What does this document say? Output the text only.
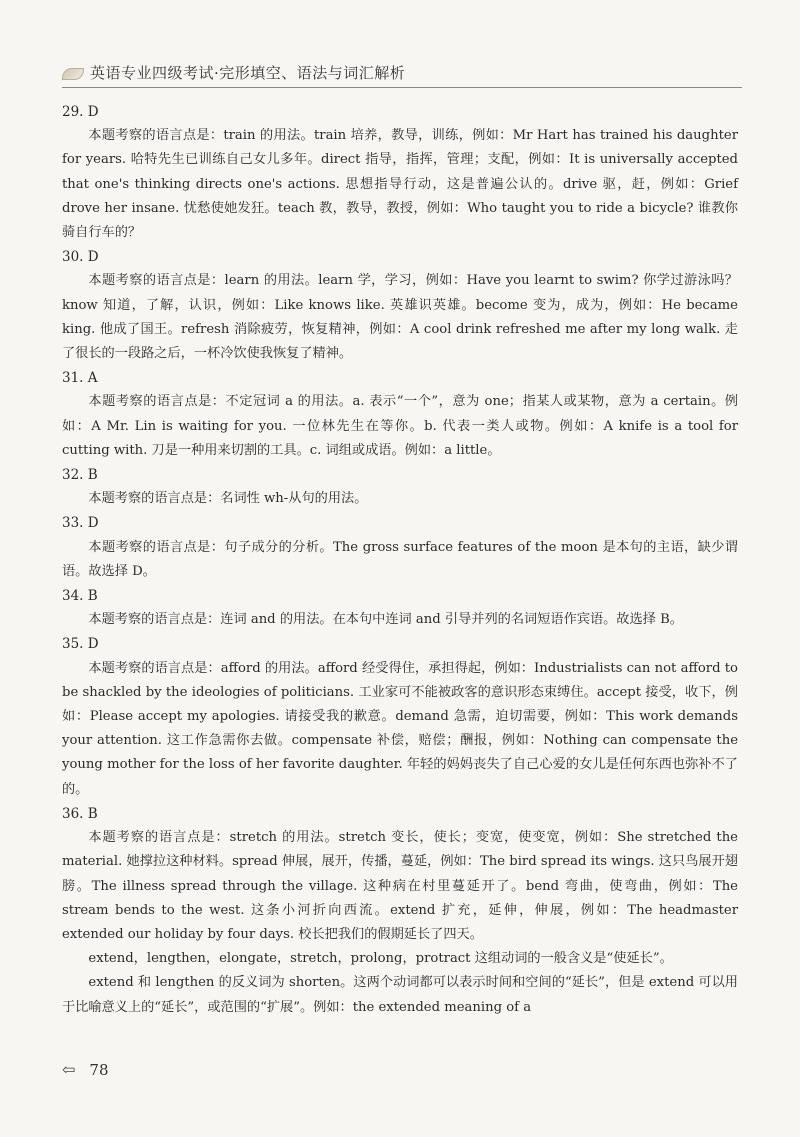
英语专业四级考试·完形填空、语法与词汇解析

29. D

本题考察的语言点是：train 的用法。train 培养，教导，训练，例如：Mr Hart has trained his daughter for years. 哈特先生已训练自己女儿多年。direct 指导，指挥，管理；支配，例如：It is universally accepted that one's thinking directs one's actions. 思想指导行动，这是普遍公认的。drive 驱，赶，例如：Grief drove her insane. 忧愁使她发狂。teach 教，教导，教授，例如：Who taught you to ride a bicycle? 谁教你骑自行车的？

30. D

本题考察的语言点是：learn 的用法。learn 学，学习，例如：Have you learnt to swim? 你学过游泳吗？know 知道，了解，认识，例如：Like knows like. 英雄识英雄。become 变为，成为，例如：He became king. 他成了国王。refresh 消除疲劳，恢复精神，例如：A cool drink refreshed me after my long walk. 走了很长的一段路之后，一杯冷饮使我恢复了精神。

31. A

本题考察的语言点是：不定冠词 a 的用法。a. 表示“一个”，意为 one；指某人或某物，意为 a certain。例如：A Mr. Lin is waiting for you. 一位林先生在等你。b. 代表一类人或物。例如：A knife is a tool for cutting with. 刀是一种用来切割的工具。c. 词组或成语。例如：a little。

32. B

本题考察的语言点是：名词性 wh-从句的用法。

33. D

本题考察的语言点是：句子成分的分析。The gross surface features of the moon 是本句的主语，缺少谓语。故选择 D。

34. B

本题考察的语言点是：连词 and 的用法。在本句中连词 and 引导并列的名词短语作宾语。故选择 B。

35. D

本题考察的语言点是：afford 的用法。afford 经受得住，承担得起，例如：Industrialists can not afford to be shackled by the ideologies of politicians. 工业家可不能被政客的意识形态束缚住。accept 接受，收下，例如：Please accept my apologies. 请接受我的歉意。demand 急需，迫切需要，例如：This work demands your attention. 这工作急需你去做。compensate 补偿，赔偿；酬报，例如：Nothing can compensate the young mother for the loss of her favorite daughter. 年轻的妈妈丧失了自己心爱的女儿是任何东西也弥补不了的。

36. B

本题考察的语言点是：stretch 的用法。stretch 变长，使长；变宽，使变宽，例如：She stretched the material. 她撑拉这种材料。spread 伸展，展开，传播，蔓延，例如：The bird spread its wings. 这只鸟展开翅膀。The illness spread through the village. 这种病在村里蔓延开了。bend 弯曲，使弯曲，例如：The stream bends to the west. 这条小河折向西流。extend 扩充，延伸，伸展，例如：The headmaster extended our holiday by four days. 校长把我们的假期延长了四天。

extend，lengthen，elongate，stretch，prolong，protract 这组动词的一般含义是“使延长”。

extend 和 lengthen 的反义词为 shorten。这两个动词都可以表示时间和空间的“延长”，但是 extend 可以用于比喻意义上的“延长”，或范围的“扩展”。例如：the extended meaning of a

⇦ 78
